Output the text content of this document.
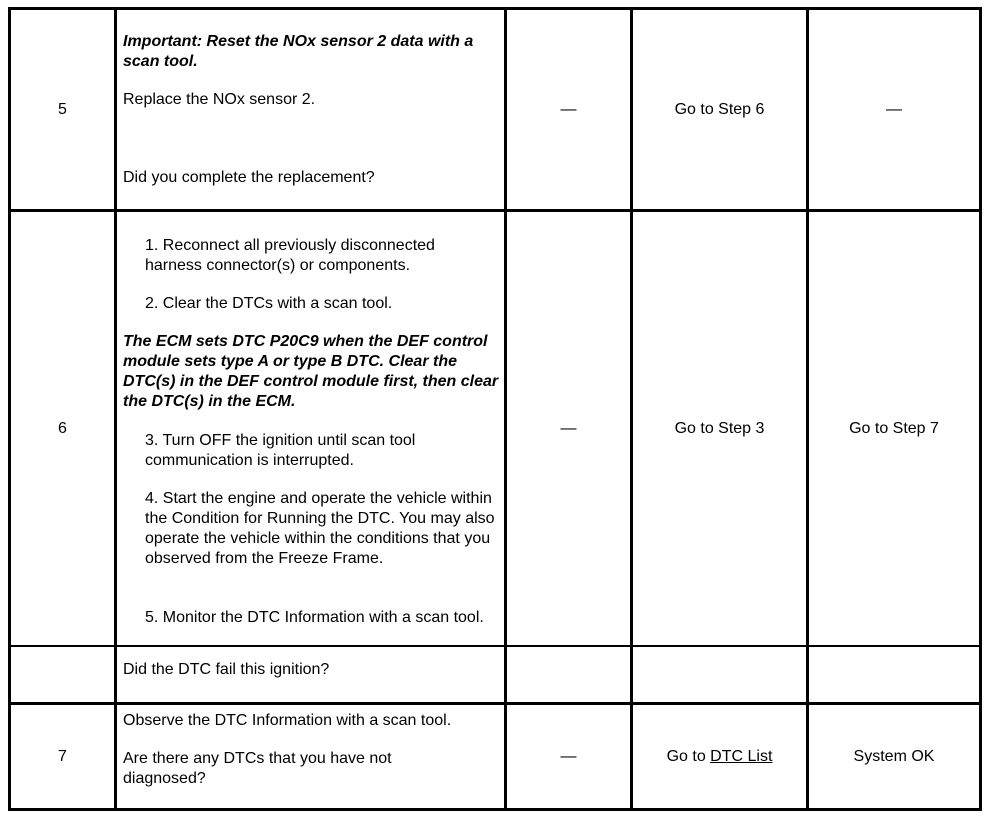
5
Important: Reset the NOx sensor 2 data with a scan tool.
Replace the NOx sensor 2.
Did you complete the replacement?
—	Go to Step 6	—
6
1. Reconnect all previously disconnected harness connector(s) or components.
2. Clear the DTCs with a scan tool.
The ECM sets DTC P20C9 when the DEF control module sets type A or type B DTC. Clear the DTC(s) in the DEF control module first, then clear the DTC(s) in the ECM.
3. Turn OFF the ignition until scan tool communication is interrupted.
4. Start the engine and operate the vehicle within the Condition for Running the DTC. You may also operate the vehicle within the conditions that you observed from the Freeze Frame.
5. Monitor the DTC Information with a scan tool.
Did the DTC fail this ignition?
—	Go to Step 3	Go to Step 7
7
Observe the DTC Information with a scan tool.
Are there any DTCs that you have not diagnosed?
—	Go to DTC List	System OK
